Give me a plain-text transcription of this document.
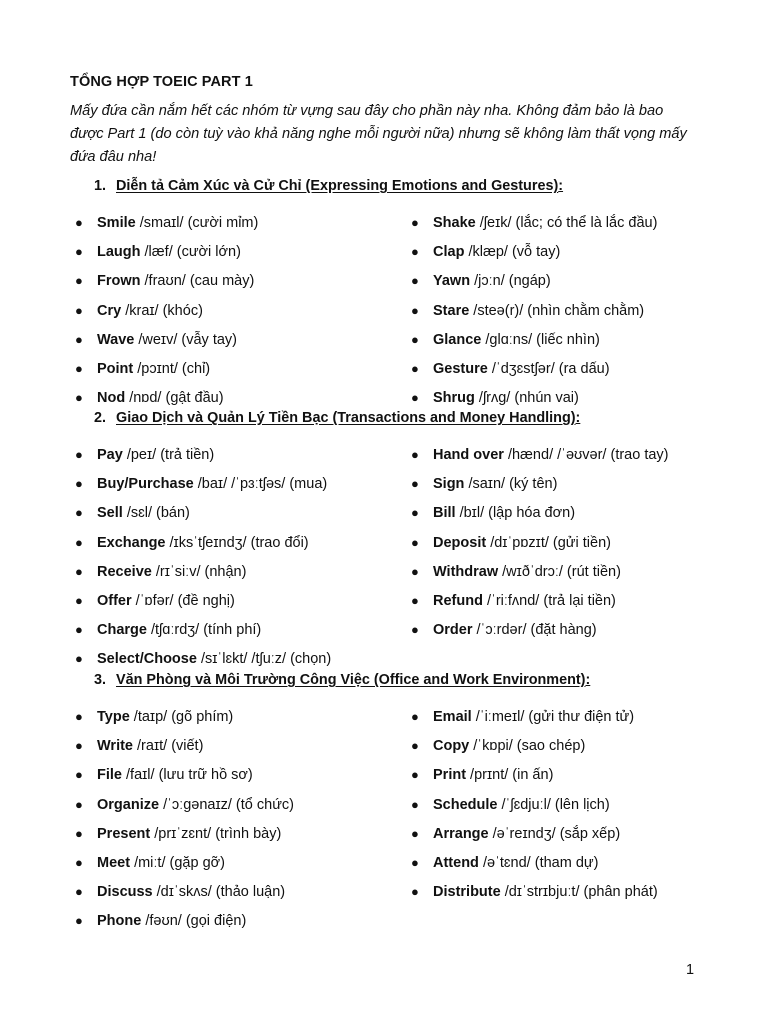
TỔNG HỢP TOEIC PART 1
Mấy đứa cần nắm hết các nhóm từ vựng sau đây cho phần này nha. Không đảm bảo là bao được Part 1 (do còn tuỳ vào khả năng nghe mỗi người nữa) nhưng sẽ không làm thất vọng mấy đứa đâu nha!
1. Diễn tả Cảm Xúc và Cử Chỉ (Expressing Emotions and Gestures):
● Smile /smaɪl/ (cười mỉm)
● Laugh /læf/ (cười lớn)
● Frown /fraʊn/ (cau mày)
● Cry /kraɪ/ (khóc)
● Wave /weɪv/ (vẫy tay)
● Point /pɔɪnt/ (chỉ)
● Nod /nɒd/ (gật đầu)
● Shake /ʃeɪk/ (lắc; có thể là lắc đầu)
● Clap /klæp/ (vỗ tay)
● Yawn /jɔːn/ (ngáp)
● Stare /steə(r)/ (nhìn chằm chằm)
● Glance /glɑːns/ (liếc nhìn)
● Gesture /ˈdʒɛstʃər/ (ra dấu)
● Shrug /ʃrʌg/ (nhún vai)
2. Giao Dịch và Quản Lý Tiền Bạc (Transactions and Money Handling):
● Pay /peɪ/ (trả tiền)
● Buy/Purchase /baɪ/ /ˈpɜːtʃəs/ (mua)
● Sell /sɛl/ (bán)
● Exchange /ɪksˈtʃeɪndʒ/ (trao đổi)
● Receive /rɪˈsiːv/ (nhận)
● Offer /ˈɒfər/ (đề nghị)
● Charge /tʃɑːrdʒ/ (tính phí)
● Select/Choose /sɪˈlɛkt/ /tʃuːz/ (chọn)
● Hand over /hænd/ /ˈəʊvər/ (trao tay)
● Sign /saɪn/ (ký tên)
● Bill /bɪl/ (lập hóa đơn)
● Deposit /dɪˈpɒzɪt/ (gửi tiền)
● Withdraw /wɪðˈdrɔː/ (rút tiền)
● Refund /ˈriːfʌnd/ (trả lại tiền)
● Order /ˈɔːrdər/ (đặt hàng)
3. Văn Phòng và Môi Trường Công Việc (Office and Work Environment):
● Type /taɪp/ (gõ phím)
● Write /raɪt/ (viết)
● File /faɪl/ (lưu trữ hồ sơ)
● Organize /ˈɔːgənaɪz/ (tổ chức)
● Present /prɪˈzɛnt/ (trình bày)
● Meet /miːt/ (gặp gỡ)
● Discuss /dɪˈskʌs/ (thảo luận)
● Phone /fəʊn/ (gọi điện)
● Email /ˈiːmeɪl/ (gửi thư điện tử)
● Copy /ˈkɒpi/ (sao chép)
● Print /prɪnt/ (in ấn)
● Schedule /ˈʃɛdjuːl/ (lên lịch)
● Arrange /əˈreɪndʒ/ (sắp xếp)
● Attend /əˈtɛnd/ (tham dự)
● Distribute /dɪˈstrɪbjuːt/ (phân phát)
1
